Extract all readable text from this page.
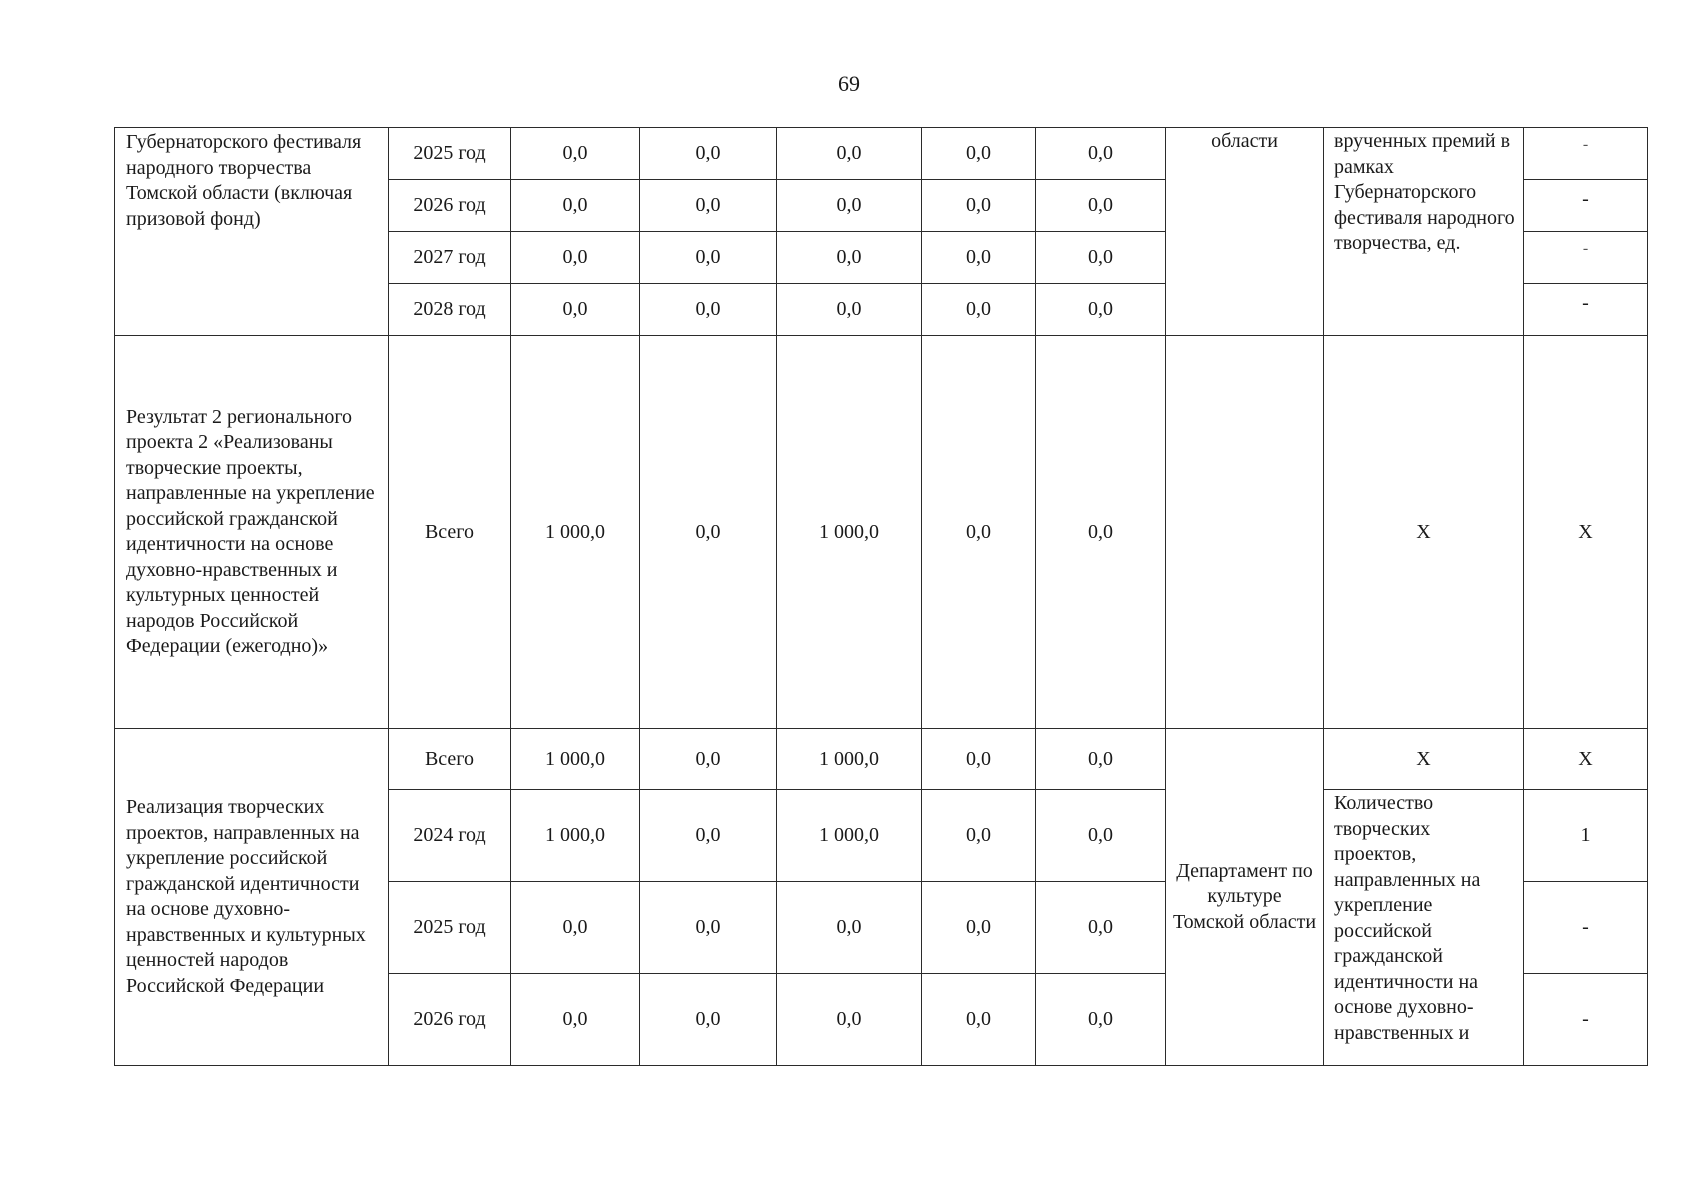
69
Губернаторского фестиваля народного творчества Томской области (включая призовой фонд)	2025 год	0,0	0,0	0,0	0,0	0,0	области	врученных премий в рамках Губернаторского фестиваля народного творчества, ед.	-
	2026 год	0,0	0,0	0,0	0,0	0,0			-
	2027 год	0,0	0,0	0,0	0,0	0,0			-
	2028 год	0,0	0,0	0,0	0,0	0,0			-
Результат 2 регионального проекта 2 «Реализованы творческие проекты, направленные на укрепление российской гражданской идентичности на основе духовно-нравственных и культурных ценностей народов Российской Федерации (ежегодно)»	Всего	1 000,0	0,0	1 000,0	0,0	0,0		Х	Х
Реализация творческих проектов, направленных на укрепление российской гражданской идентичности на основе духовно-нравственных и культурных ценностей народов Российской Федерации	Всего	1 000,0	0,0	1 000,0	0,0	0,0	Департамент по культуре Томской области	Х	Х
	2024 год	1 000,0	0,0	1 000,0	0,0	0,0		Количество творческих проектов, направленных на укрепление российской гражданской идентичности на основе духовно-нравственных и	1
	2025 год	0,0	0,0	0,0	0,0	0,0			-
	2026 год	0,0	0,0	0,0	0,0	0,0			-
